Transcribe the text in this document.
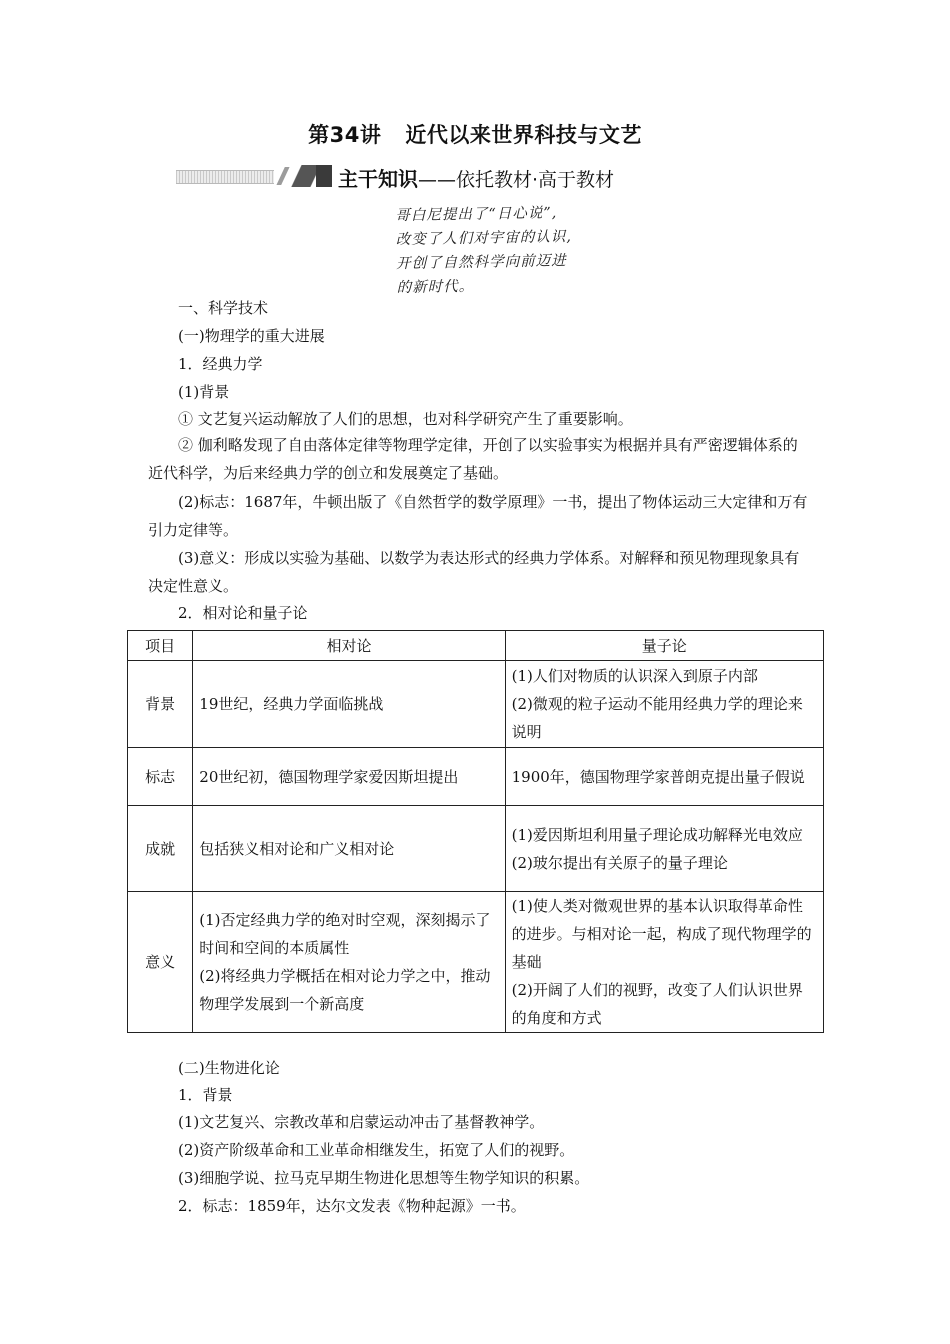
第34讲 近代以来世界科技与文艺
主干知识——依托教材·高于教材
哥白尼提出了“日心说”,
改变了人们对宇宙的认识,
开创了自然科学向前迈进
的新时代。
一、科学技术
(一)物理学的重大进展
1．经典力学
(1)背景
① 文艺复兴运动解放了人们的思想，也对科学研究产生了重要影响。
② 伽利略发现了自由落体定律等物理学定律，开创了以实验事实为根据并具有严密逻辑体系的近代科学，为后来经典力学的创立和发展奠定了基础。
(2)标志：1687年，牛顿出版了《自然哲学的数学原理》一书，提出了物体运动三大定律和万有引力定律等。
(3)意义：形成以实验为基础、以数学为表达形式的经典力学体系。对解释和预见物理现象具有决定性意义。
2．相对论和量子论
项目	相对论	量子论
背景	19世纪，经典力学面临挑战	(1)人们对物质的认识深入到原子内部
(2)微观的粒子运动不能用经典力学的理论来说明

标志	20世纪初，德国物理学家爱因斯坦提出	1900年，德国物理学家普朗克提出量子假说

成就	包括狭义相对论和广义相对论	(1)爱因斯坦利用量子理论成功解释光电效应
(2)玻尔提出有关原子的量子理论

意义	(1)否定经典力学的绝对时空观，深刻揭示了时间和空间的本质属性
(2)将经典力学概括在相对论力学之中，推动物理学发展到一个新高度	(1)使人类对微观世界的基本认识取得革命性的进步。与相对论一起，构成了现代物理学的基础
(2)开阔了人们的视野，改变了人们认识世界的角度和方式
(二)生物进化论
1．背景
(1)文艺复兴、宗教改革和启蒙运动冲击了基督教神学。
(2)资产阶级革命和工业革命相继发生，拓宽了人们的视野。
(3)细胞学说、拉马克早期生物进化思想等生物学知识的积累。
2．标志：1859年，达尔文发表《物种起源》一书。
